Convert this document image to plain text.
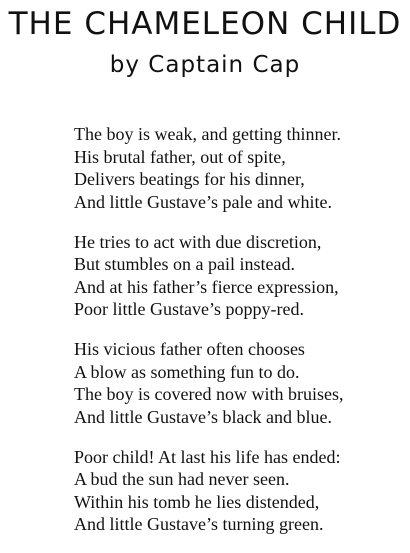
THE CHAMELEON CHILD
by Captain Cap
The boy is weak, and getting thinner.
His brutal father, out of spite,
Delivers beatings for his dinner,
And little Gustave’s pale and white.
He tries to act with due discretion,
But stumbles on a pail instead.
And at his father’s fierce expression,
Poor little Gustave’s poppy-red.
His vicious father often chooses
A blow as something fun to do.
The boy is covered now with bruises,
And little Gustave’s black and blue.
Poor child! At last his life has ended:
A bud the sun had never seen.
Within his tomb he lies distended,
And little Gustave’s turning green.
